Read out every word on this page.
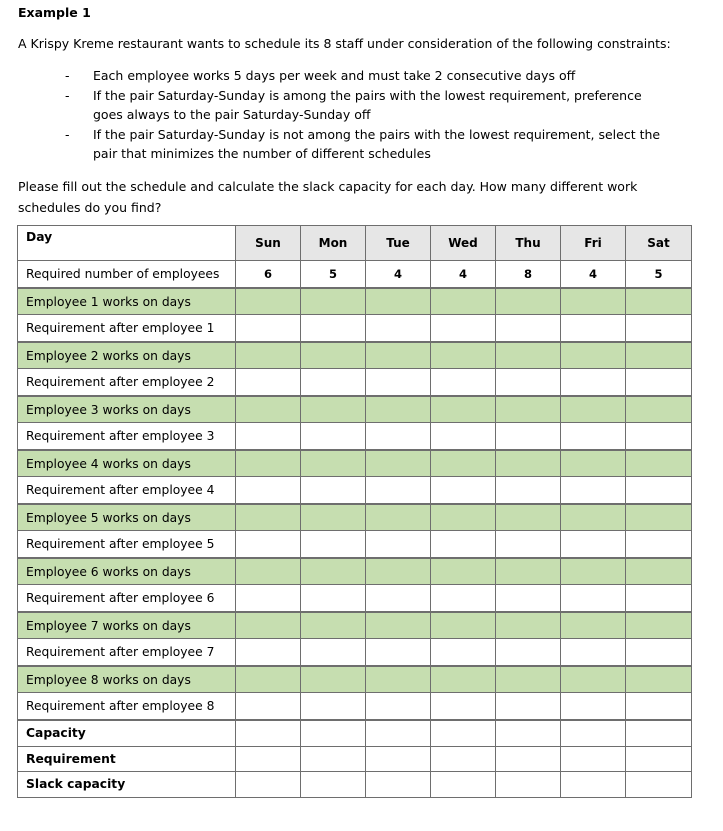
Example 1
A Krispy Kreme restaurant wants to schedule its 8 staff under consideration of the following constraints:
- Each employee works 5 days per week and must take 2 consecutive days off
- If the pair Saturday-Sunday is among the pairs with the lowest requirement, preference goes always to the pair Saturday-Sunday off
- If the pair Saturday-Sunday is not among the pairs with the lowest requirement, select the pair that minimizes the number of different schedules
Please fill out the schedule and calculate the slack capacity for each day. How many different work schedules do you find?
Day	Sun	Mon	Tue	Wed	Thu	Fri	Sat
Required number of employees	6	5	4	4	8	4	5
Employee 1 works on days							
Requirement after employee 1							
Employee 2 works on days							
Requirement after employee 2							
Employee 3 works on days							
Requirement after employee 3							
Employee 4 works on days							
Requirement after employee 4							
Employee 5 works on days							
Requirement after employee 5							
Employee 6 works on days							
Requirement after employee 6							
Employee 7 works on days							
Requirement after employee 7							
Employee 8 works on days							
Requirement after employee 8							
Capacity							
Requirement							
Slack capacity							
